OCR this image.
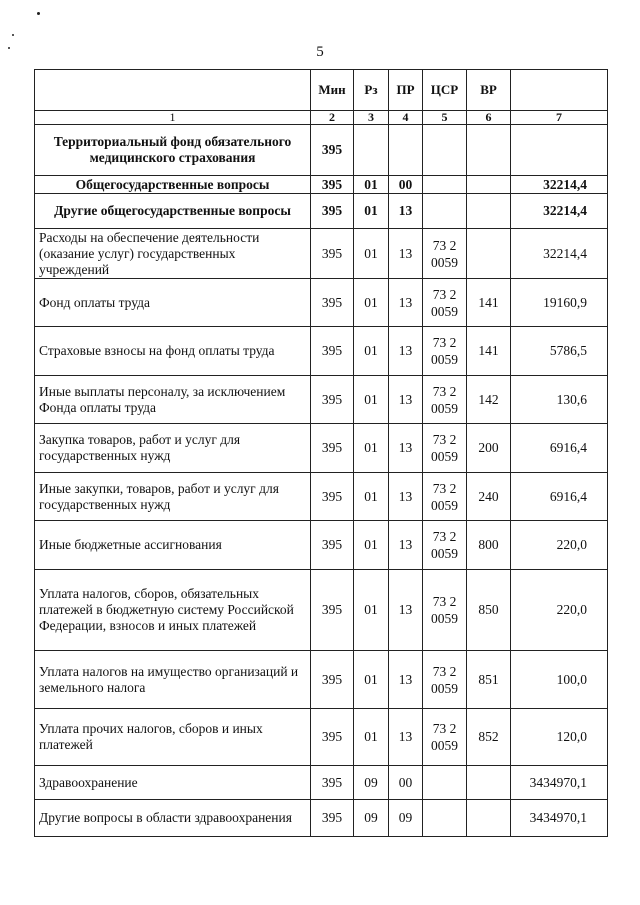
5
	Мин	Рз	ПР	ЦСР	ВР	
1	2	3	4	5	6	7
Территориальный фонд обязательного медицинского страхования	395					
Общегосударственные вопросы	395	01	00			32214,4
Другие общегосударственные вопросы	395	01	13			32214,4
Расходы на обеспечение деятельности (оказание услуг) государственных учреждений	395	01	13	73 2 0059		32214,4
Фонд оплаты труда	395	01	13	73 2 0059	141	19160,9
Страховые взносы на фонд оплаты труда	395	01	13	73 2 0059	141	5786,5
Иные выплаты персоналу, за исключением Фонда оплаты труда	395	01	13	73 2 0059	142	130,6
Закупка товаров, работ и услуг для государственных нужд	395	01	13	73 2 0059	200	6916,4
Иные закупки, товаров, работ и услуг для государственных нужд	395	01	13	73 2 0059	240	6916,4
Иные бюджетные ассигнования	395	01	13	73 2 0059	800	220,0
Уплата налогов, сборов, обязательных платежей в бюджетную систему Российской Федерации, взносов и иных платежей	395	01	13	73 2 0059	850	220,0
Уплата налогов на имущество организаций и земельного налога	395	01	13	73 2 0059	851	100,0
Уплата прочих налогов, сборов и иных платежей	395	01	13	73 2 0059	852	120,0
Здравоохранение	395	09	00			3434970,1
Другие вопросы в области здравоохранения	395	09	09			3434970,1
